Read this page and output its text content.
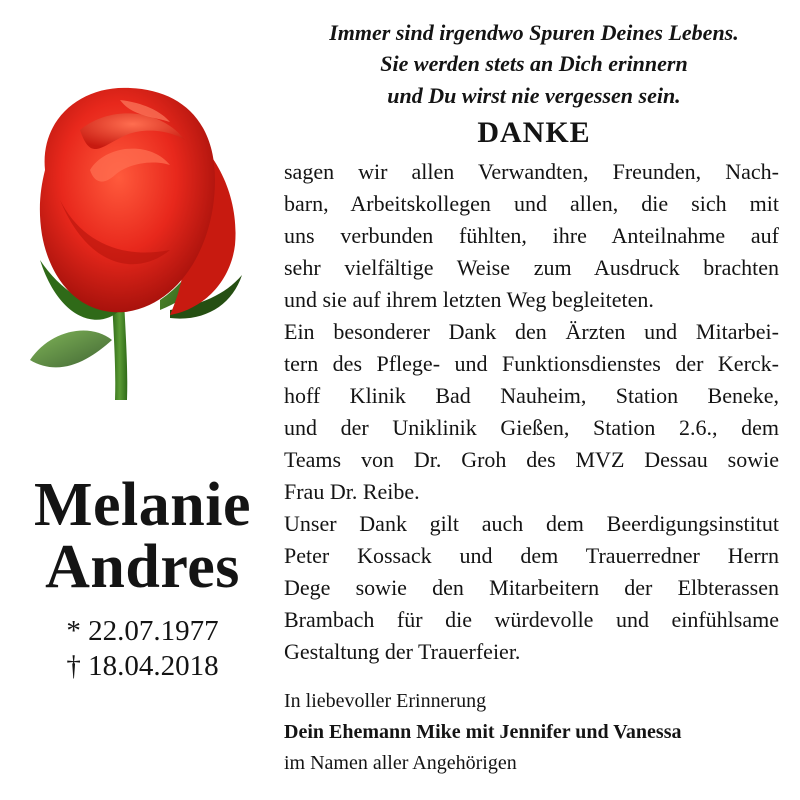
Melanie
Andres
* 22.07.1977
† 18.04.2018
Immer sind irgendwo Spuren Deines Lebens.
Sie werden stets an Dich erinnern
und Du wirst nie vergessen sein.
DANKE
sagen wir allen Verwandten, Freunden, Nach-
barn, Arbeitskollegen und allen, die sich mit
uns verbunden fühlten, ihre Anteilnahme auf
sehr vielfältige Weise zum Ausdruck brachten
und sie auf ihrem letzten Weg begleiteten.
Ein besonderer Dank den Ärzten und Mitarbei-
tern des Pflege- und Funktionsdienstes der Kerck-
hoff Klinik Bad Nauheim, Station Beneke,
und der Uniklinik Gießen, Station 2.6., dem
Teams von Dr. Groh des MVZ Dessau sowie
Frau Dr. Reibe.
Unser Dank gilt auch dem Beerdigungsinstitut
Peter Kossack und dem Trauerredner Herrn
Dege sowie den Mitarbeitern der Elbterassen
Brambach für die würdevolle und einfühlsame
Gestaltung der Trauerfeier.
In liebevoller Erinnerung
Dein Ehemann Mike mit Jennifer und Vanessa
im Namen aller Angehörigen
